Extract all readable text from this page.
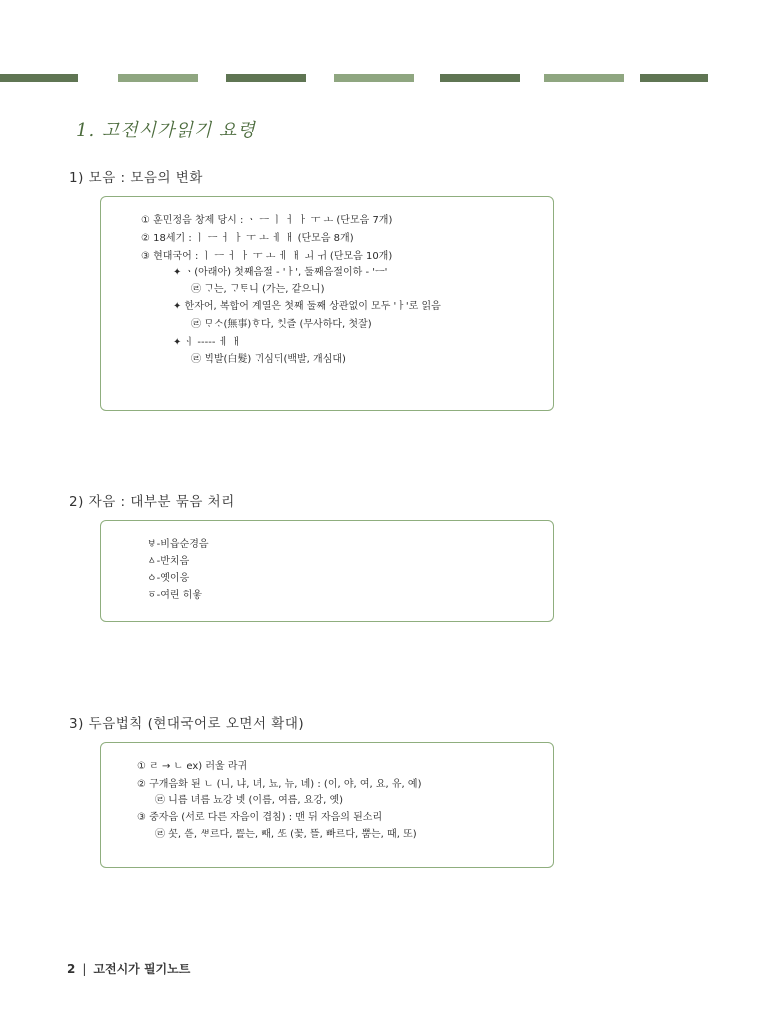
1. 고전시가읽기 요령
1) 모음 : 모음의 변화
① 훈민정음 창제 당시 : ㆍ ㅡ ㅣ ㅓ ㅏ ㅜ ㅗ (단모음 7개)
② 18세기 : ㅣ ㅡ ㅓ ㅏ ㅜ ㅗ ㅔ ㅐ (단모음 8개)
③ 현대국어 : ㅣ ㅡ ㅓ ㅏ ㅜ ㅗ ㅔ ㅐ ㅚ ㅟ (단모음 10개)
✦ ㆍ(아래아) 첫째음절 - 'ㅏ', 둘째음절이하 - 'ㅡ'
㉣ ᄀᆞ는, ᄀᆞᄐᆞ니 (가는, 같으니)
✦ 한자어, 복합어 계열은 첫째 둘째 상관없이 모두 'ㅏ'로 읽음
㉣ ᄆᆞᄉᆞ(無事)ᄒᆞ다, ᄎᆡᆺ즐 (무사하다, 첫잘)
✦ ㆎ ----- ㅔ ㅐ
㉣ ᄇᆡᆨ발(白髮) ᄀᆡ심ᄃᆡ(백발, 개심대)
2) 자음 : 대부분 묶음 처리
ㅸ-비읍순경음
ㅿ-반치음
ㆁ-옛이응
ㆆ-여린 히읗
3) 두음법칙 (현대국어로 오면서 확대)
① ㄹ → ㄴ ex) 러울 라귀
② 구개음화 된 ㄴ (니, 냐, 녀, 뇨, 뉴, 녜) : (이, 야, 여, 요, 유, 예)
㉣ 니름 녀름 뇨강 녯 (이름, 여름, 요강, 옛)
③ 중자음 (서로 다른 자음이 겹침) : 맨 뒤 자음의 된소리
㉣ ᄭᅩᆺ, ᄯᅳᆮ, ᄲᆞ르다, ᄢᅳᆯ는, ᄣᅢ, ᄯᅩ (꽃, 뜰, 빠르다, 뿜는, 때, 또)
2 | 고전시가 필기노트
